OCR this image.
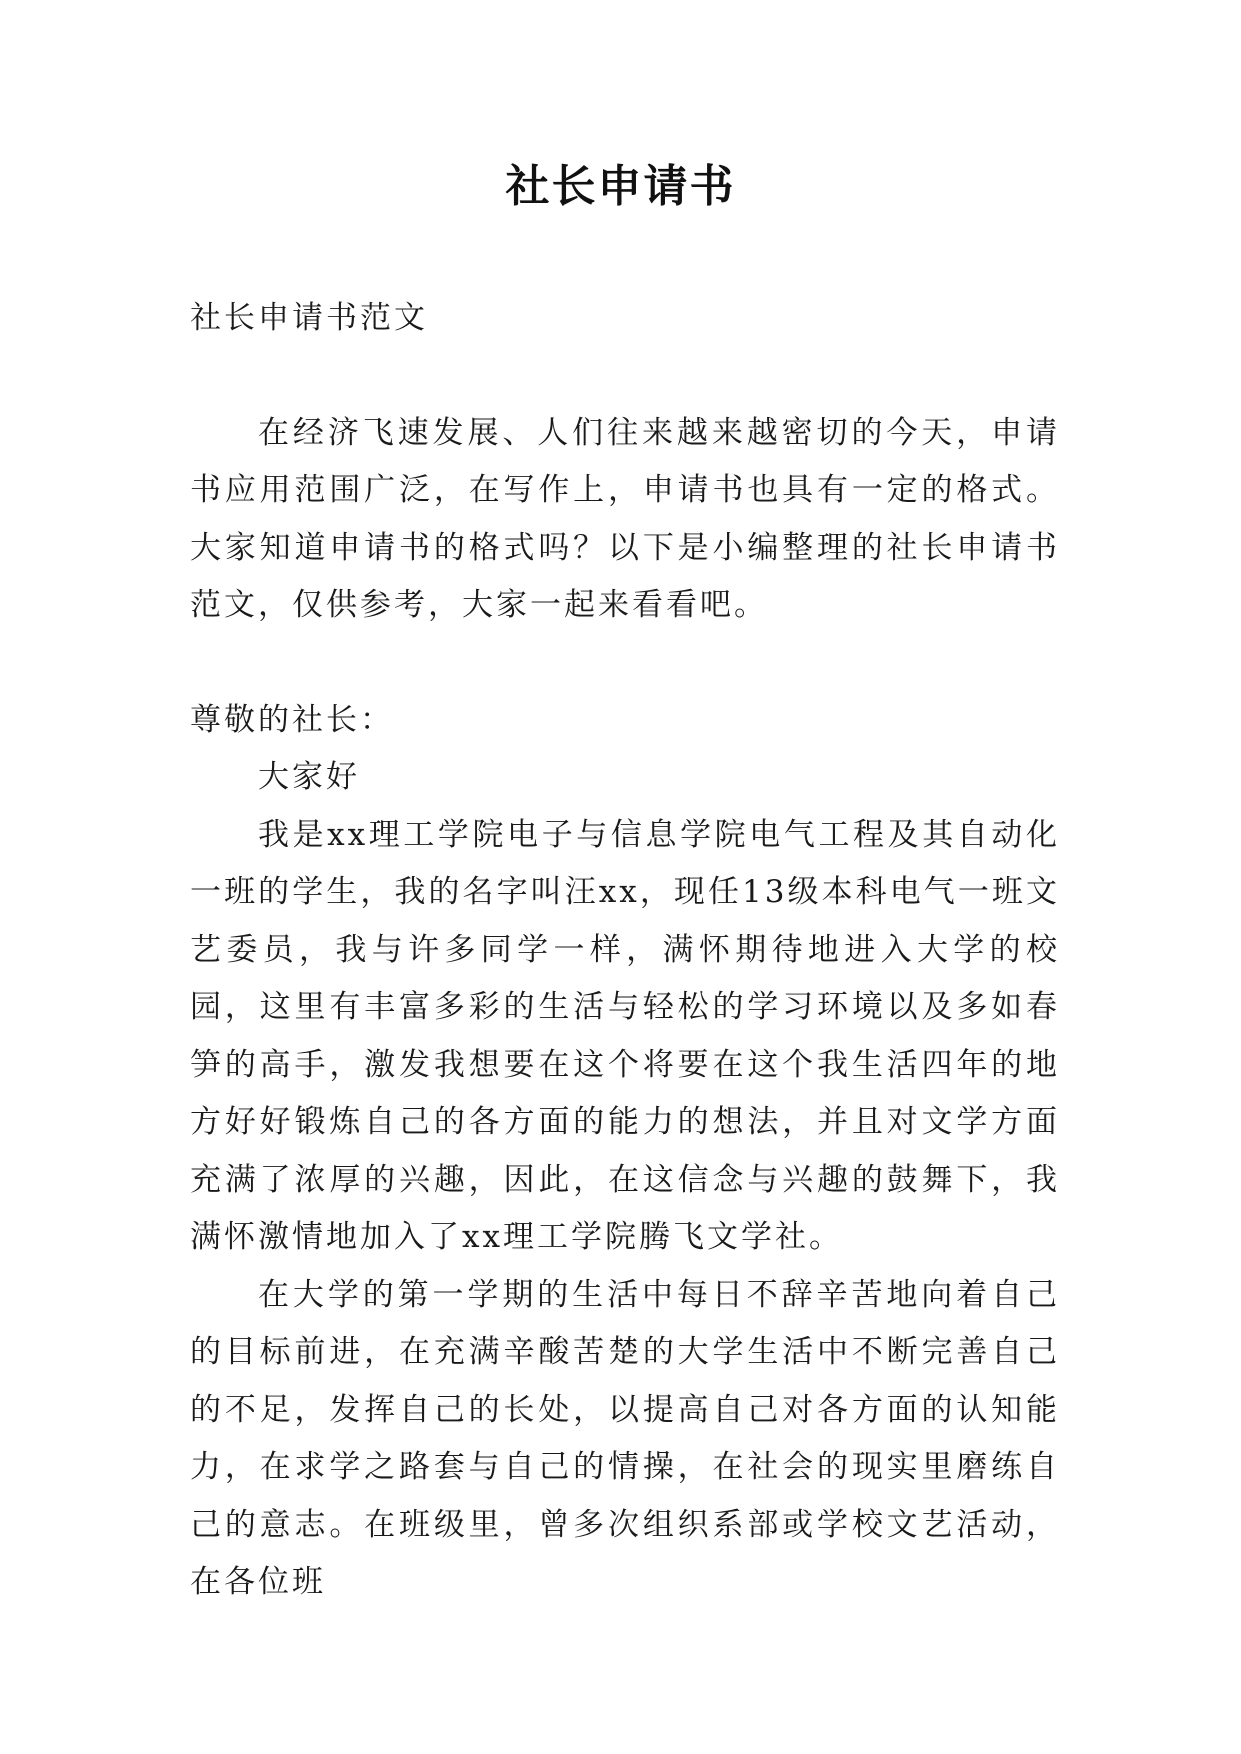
社长申请书

社长申请书范文

在经济飞速发展、人们往来越来越密切的今天，申请书应用范围广泛，在写作上，申请书也具有一定的格式。大家知道申请书的格式吗？以下是小编整理的社长申请书范文，仅供参考，大家一起来看看吧。

尊敬的社长：

大家好

我是xx理工学院电子与信息学院电气工程及其自动化一班的学生，我的名字叫汪xx，现任13级本科电气一班文艺委员，我与许多同学一样，满怀期待地进入大学的校园，这里有丰富多彩的生活与轻松的学习环境以及多如春笋的高手，激发我想要在这个将要在这个我生活四年的地方好好锻炼自己的各方面的能力的想法，并且对文学方面充满了浓厚的兴趣，因此，在这信念与兴趣的鼓舞下，我满怀激情地加入了xx理工学院腾飞文学社。

在大学的第一学期的生活中每日不辞辛苦地向着自己的目标前进，在充满辛酸苦楚的大学生活中不断完善自己的不足，发挥自己的长处，以提高自己对各方面的认知能力，在求学之路套与自己的情操，在社会的现实里磨练自己的意志。在班级里，曾多次组织系部或学校文艺活动，在各位班
